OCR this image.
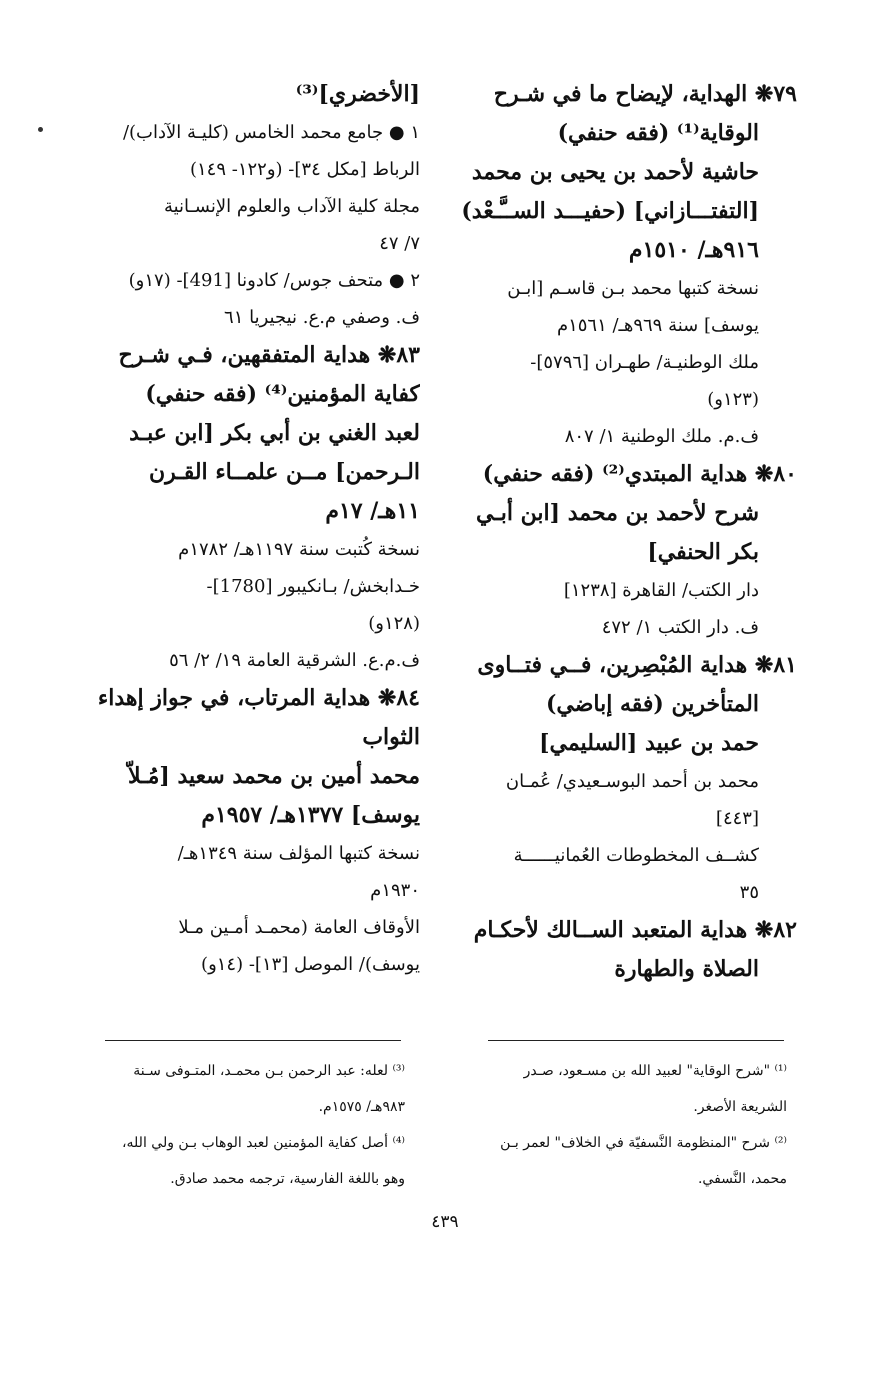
٧٩❋ الهداية، لإيضاح ما في شـرح
الوقاية⁽¹⁾ (فقه حنفي)
حاشية لأحمد بن يحيى بن محمد
[التفتـــازاني] (حفيـــد الســَّـعْد)
٩١٦هـ/ ١٥١٠م
نسخة كتبها محمد بـن قاسـم [ابـن
يوسف] سنة ٩٦٩هـ/ ١٥٦١م
ملك الوطنيـة/ طهـران [٥٧٩٦]-
(١٢٣و)
ف.م. ملك الوطنية ١/ ٨٠٧
٨٠❋ هداية المبتدي⁽²⁾ (فقه حنفي)
شرح لأحمد بن محمد [ابن أبـي
بكر الحنفي]
دار الكتب/ القاهرة [١٢٣٨]
ف. دار الكتب ١/ ٤٧٢
٨١❋ هداية المُبْصِرين، فــي فتــاوى
المتأخرين (فقه إباضي)
حمد بن عبيد [السليمي]
محمد بن أحمد البوسـعيدي/ عُمـان
[٤٤٣]
كشــف المخطوطات العُمانيــــــة
٣٥
٨٢❋ هداية المتعبد الســالك لأحكـام
الصلاة والطهارة
[الأخضري]⁽³⁾
١ ● جامع محمد الخامس (كليـة الآداب)/
الرباط [مكل ٣٤]- (و١٢٢- ١٤٩)
مجلة كلية الآداب والعلوم الإنسـانية
٧/ ٤٧
٢ ● متحف جوس/ كادونا [491]- (١٧و)
ف. وصفي م.ع. نيجيريا ٦١
٨٣❋ هداية المتفقهين، فـي شـرح
كفاية المؤمنين⁽⁴⁾ (فقه حنفي)
لعبد الغني بن أبي بكر [ابن عبـد
الـرحمن] مــن علمــاء القـرن
١١هـ/ ١٧م
نسخة كُتبت سنة ١١٩٧هـ/ ١٧٨٢م
خـدابخش/ بـانكيبور [1780]-
(١٢٨و)
ف.م.ع. الشرقية العامة ١٩/ ٢/ ٥٦
٨٤❋ هداية المرتاب، في جواز إهداء
الثواب
محمد أمين بن محمد سعيد [مُـلاّ
يوسف] ١٣٧٧هـ/ ١٩٥٧م
نسخة كتبها المؤلف سنة ١٣٤٩هـ/
١٩٣٠م
الأوقاف العامة (محمـد أمـين مـلا
يوسف)/ الموصل [١٣]- (١٤و)
⁽¹⁾ "شرح الوقاية" لعبيد الله بن مسـعود، صـدر
الشريعة الأصغر.
⁽²⁾ شرح "المنظومة النَّسفيّة في الخلاف" لعمر بـن
محمد، النَّسفي.
⁽³⁾ لعله: عبد الرحمن بـن محمـد، المتـوفى سـنة
٩٨٣هـ/ ١٥٧٥م.
⁽⁴⁾ أصل كفاية المؤمنين لعبد الوهاب بـن ولي الله،
وهو باللغة الفارسية، ترجمه محمد صادق.
٤٣٩
